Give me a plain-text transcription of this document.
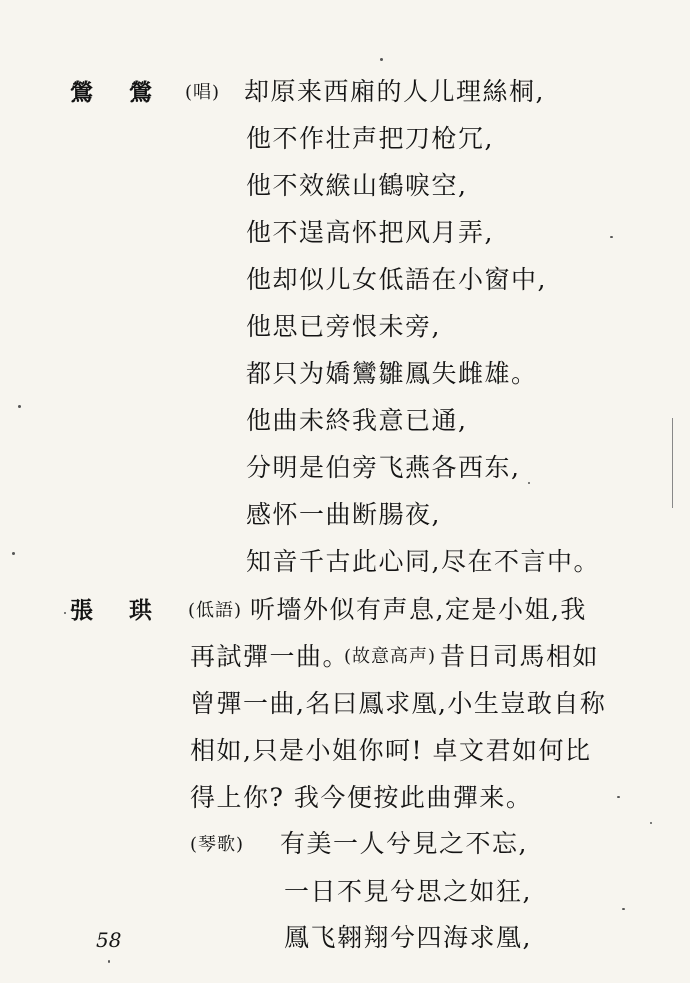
鶯 鶯 (唱) 却原来西廂的人儿理絲桐,
他不作壮声把刀枪冗,
他不效緱山鶴唳空,
他不逞高怀把风月弄,
他却似儿女低語在小窗中,
他思已旁恨未旁,
都只为嬌鸞雛鳳失雌雄。
他曲未終我意已通,
分明是伯旁飞燕各西东,
感怀一曲断腸夜,
知音千古此心同,尽在不言中。
張 珙 (低語) 听墻外似有声息,定是小姐,我
再試彈一曲。
(故意高声) 昔日司馬相如
曾彈一曲,名曰鳳求凰,小生豈敢自称
相如,只是小姐你呵! 卓文君如何比
得上你? 我今便按此曲彈来。
(琴歌) 有美一人兮見之不忘,
一日不見兮思之如狂,
鳳飞翱翔兮四海求凰,
58
